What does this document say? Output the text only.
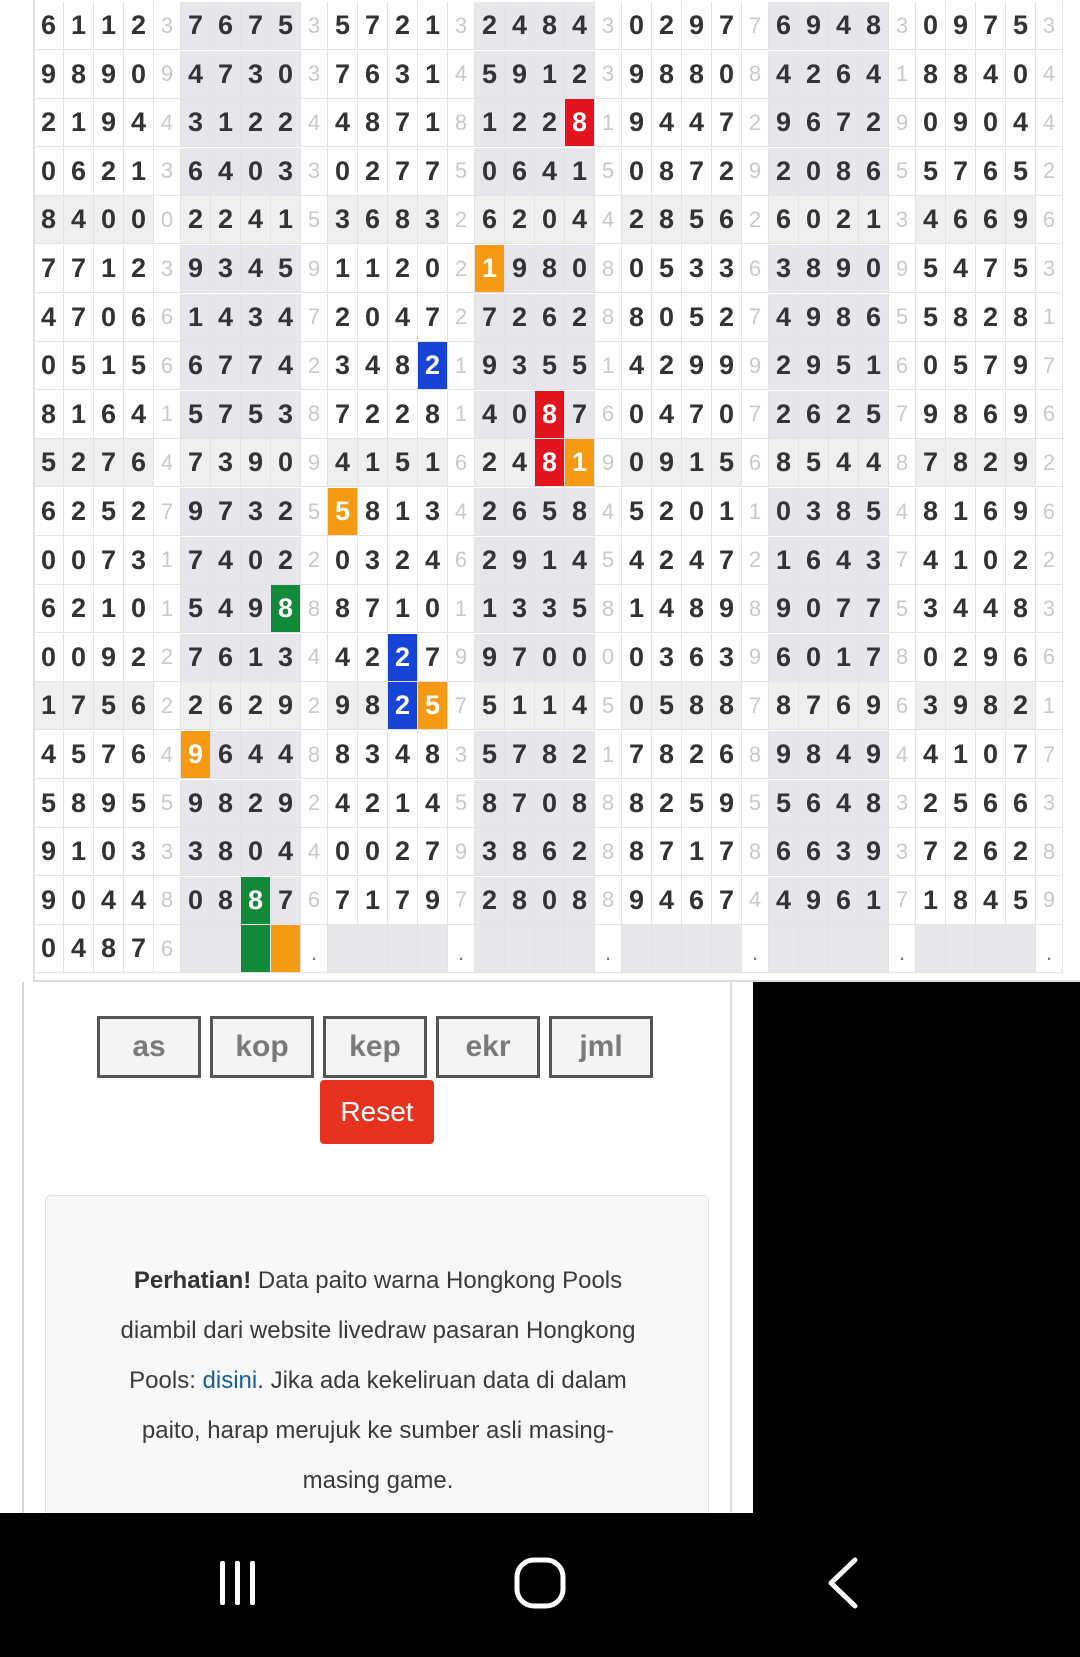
6 1 1 2 3 7 6 7 5 3 5 7 2 1 3 2 4 8 4 3 0 2 9 7 7 6 9 4 8 3 0 9 7 5 3
9 8 9 0 9 4 7 3 0 3 7 6 3 1 4 5 9 1 2 3 9 8 8 0 8 4 2 6 4 1 8 8 4 0 4
2 1 9 4 4 3 1 2 2 4 4 8 7 1 8 1 2 2 8 1 9 4 4 7 2 9 6 7 2 9 0 9 0 4 4
0 6 2 1 3 6 4 0 3 3 0 2 7 7 5 0 6 4 1 5 0 8 7 2 9 2 0 8 6 5 5 7 6 5 2
8 4 0 0 0 2 2 4 1 5 3 6 8 3 2 6 2 0 4 4 2 8 5 6 2 6 0 2 1 3 4 6 6 9 6
7 7 1 2 3 9 3 4 5 9 1 1 2 0 2 1 9 8 0 8 0 5 3 3 6 3 8 9 0 9 5 4 7 5 3
4 7 0 6 6 1 4 3 4 7 2 0 4 7 2 7 2 6 2 8 8 0 5 2 7 4 9 8 6 5 5 8 2 8 1
0 5 1 5 6 6 7 7 4 2 3 4 8 2 1 9 3 5 5 1 4 2 9 9 9 2 9 5 1 6 0 5 7 9 7
8 1 6 4 1 5 7 5 3 8 7 2 2 8 1 4 0 8 7 6 0 4 7 0 7 2 6 2 5 7 9 8 6 9 6
5 2 7 6 4 7 3 9 0 9 4 1 5 1 6 2 4 8 1 9 0 9 1 5 6 8 5 4 4 8 7 8 2 9 2
6 2 5 2 7 9 7 3 2 5 5 8 1 3 4 2 6 5 8 4 5 2 0 1 1 0 3 8 5 4 8 1 6 9 6
0 0 7 3 1 7 4 0 2 2 0 3 2 4 6 2 9 1 4 5 4 2 4 7 2 1 6 4 3 7 4 1 0 2 2
6 2 1 0 1 5 4 9 8 8 8 7 1 0 1 1 3 3 5 8 1 4 8 9 8 9 0 7 7 5 3 4 4 8 3
0 0 9 2 2 7 6 1 3 4 4 2 2 7 9 9 7 0 0 0 0 3 6 3 9 6 0 1 7 8 0 2 9 6 6
1 7 5 6 2 2 6 2 9 2 9 8 2 5 7 5 1 1 4 5 0 5 8 8 7 8 7 6 9 6 3 9 8 2 1
4 5 7 6 4 9 6 4 4 8 8 3 4 8 3 5 7 8 2 1 7 8 2 6 8 9 8 4 9 4 4 1 0 7 7
5 8 9 5 5 9 8 2 9 2 4 2 1 4 5 8 7 0 8 8 8 2 5 9 5 5 6 4 8 3 2 5 6 6 3
9 1 0 3 3 3 8 0 4 4 0 0 2 7 9 3 8 6 2 8 8 7 1 7 8 6 6 3 9 3 7 2 6 2 8
9 0 4 4 8 0 8 8 7 6 7 1 7 9 7 2 8 0 8 8 9 4 6 7 4 4 9 6 1 7 1 8 4 5 9
0 4 8 7 6	.	.	.	.	.	.
as	kop	kep	ekr	jml
Reset
Perhatian! Data paito warna Hongkong Pools diambil dari website livedraw pasaran Hongkong Pools: disini. Jika ada kekeliruan data di dalam paito, harap merujuk ke sumber asli masing-masing game.
